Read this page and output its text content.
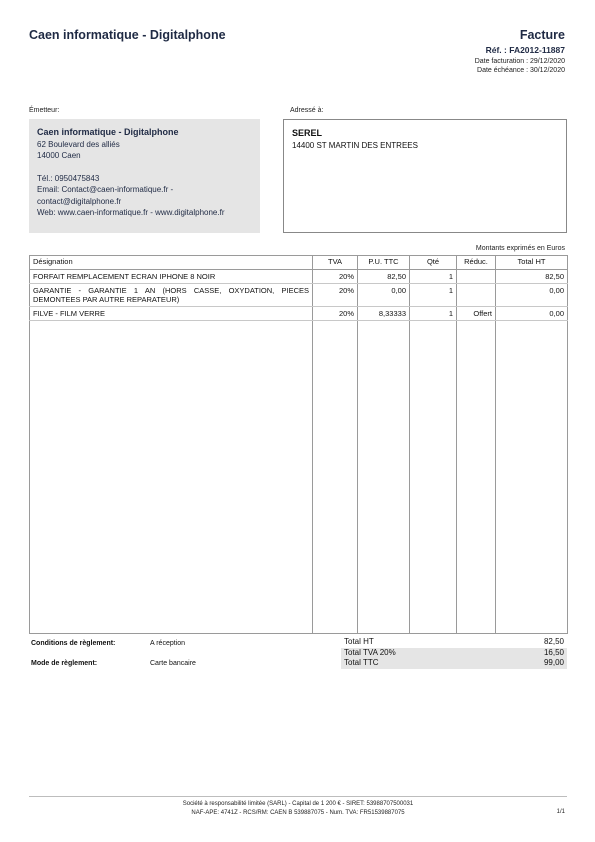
Caen informatique - Digitalphone	Facture
Réf. : FA2012-11887
Date facturation : 29/12/2020
Date échéance : 30/12/2020
Émetteur:	Adressé à:
Caen informatique - Digitalphone
62 Boulevard des alliés
14000 Caen
Tél.: 0950475843
Email: Contact@caen-informatique.fr -
contact@digitalphone.fr
Web: www.caen-informatique.fr - www.digitalphone.fr
SEREL
14400 ST MARTIN DES ENTREES
Montants exprimés en Euros
Désignation	TVA	P.U. TTC	Qté	Réduc.	Total HT
FORFAIT REMPLACEMENT ECRAN IPHONE 8 NOIR	20%	82,50	1		82,50
GARANTIE - GARANTIE 1 AN (HORS CASSE, OXYDATION, PIECES DEMONTEES PAR AUTRE REPARATEUR)	20%	0,00	1		0,00
FILVE - FILM VERRE	20%	8,33333	1	Offert	0,00

Conditions de règlement:	A réception
Mode de règlement:	Carte bancaire
Total HT	82,50
Total TVA 20%	16,50
Total TTC	99,00
Société à responsabilité limitée (SARL) - Capital de 1 200 € - SIRET: 53988707500031
NAF-APE: 4741Z - RCS/RM: CAEN B 539887075 - Num. TVA: FR51539887075	1/1
